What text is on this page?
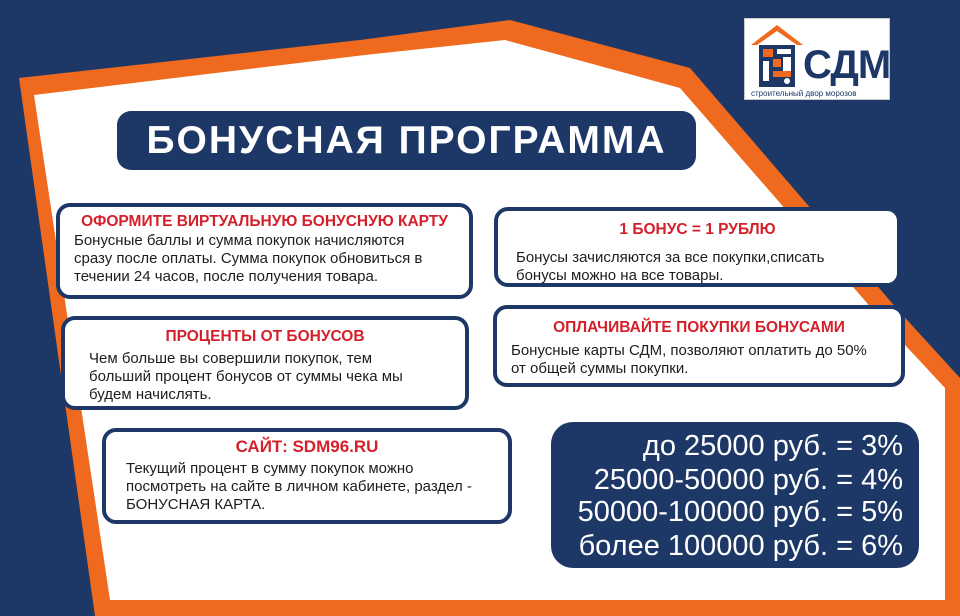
СДМ
строительный двор морозов
БОНУСНАЯ ПРОГРАММА
ОФОРМИТЕ ВИРТУАЛЬНУЮ БОНУСНУЮ КАРТУ
Бонусные баллы и сумма покупок начисляются
сразу после оплаты. Сумма покупок обновиться в
течении 24 часов, после получения товара.
1 БОНУС = 1 РУБЛЮ
Бонусы зачисляются за все покупки,списать
бонусы можно на все товары.
ПРОЦЕНТЫ ОТ БОНУСОВ
Чем больше вы совершили покупок, тем
больший процент бонусов от суммы чека мы
будем начислять.
ОПЛАЧИВАЙТЕ ПОКУПКИ БОНУСАМИ
Бонусные карты СДМ, позволяют оплатить до 50%
от общей суммы покупки.
САЙТ: SDM96.RU
Текущий процент в сумму покупок можно
посмотреть на сайте в личном кабинете, раздел -
БОНУСНАЯ КАРТА.
до 25000 руб. = 3%
25000-50000 руб. = 4%
50000-100000 руб. = 5%
более 100000 руб. = 6%
